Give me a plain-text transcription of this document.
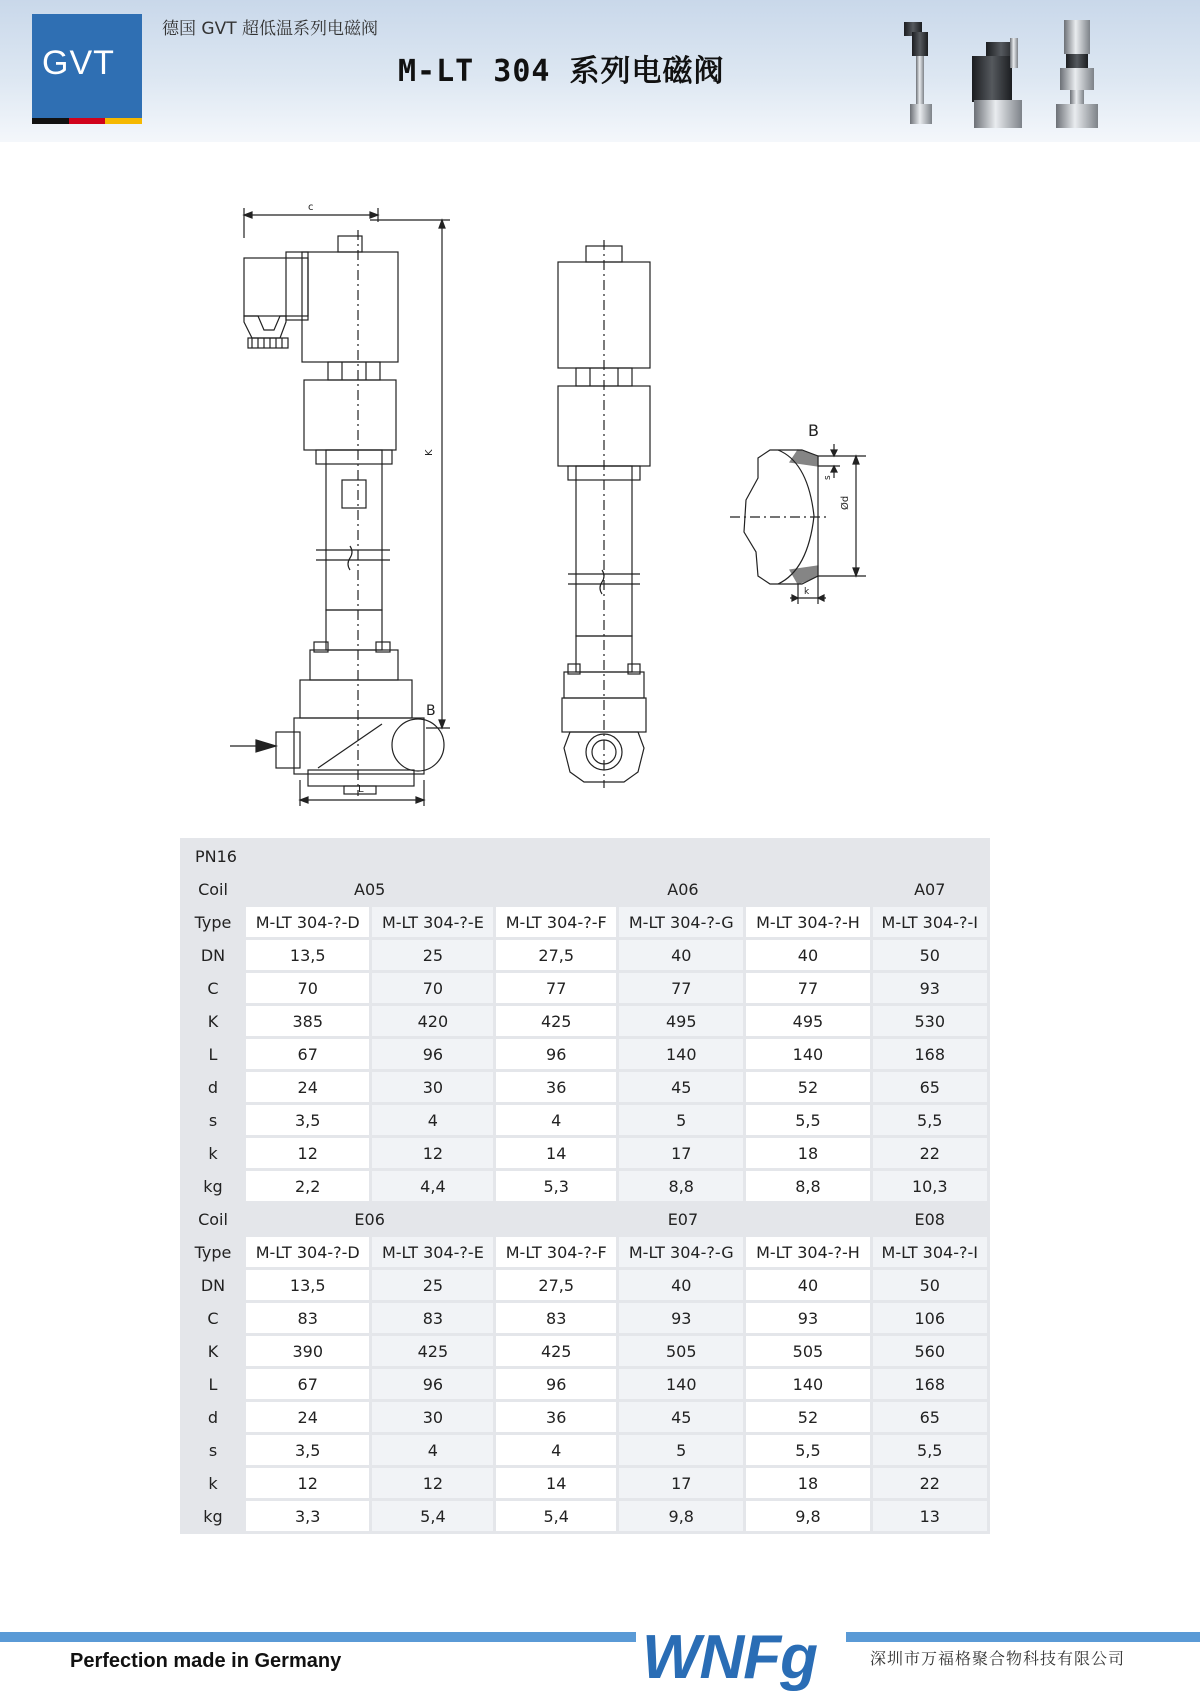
GVT
德国 GVT 超低温系列电磁阀
M-LT 304 系列电磁阀
c
K
B
L
B
Ød
s
k
PN16						
Coil	A05		A06			A07
Type	M-LT 304-?-D	M-LT 304-?-E	M-LT 304-?-F	M-LT 304-?-G	M-LT 304-?-H	M-LT 304-?-I
DN	13,5	25	27,5	40	40	50
C	70	70	77	77	77	93
K	385	420	425	495	495	530
L	67	96	96	140	140	168
d	24	30	36	45	52	65
s	3,5	4	4	5	5,5	5,5
k	12	12	14	17	18	22
kg	2,2	4,4	5,3	8,8	8,8	10,3
Coil	E06		E07			E08
Type	M-LT 304-?-D	M-LT 304-?-E	M-LT 304-?-F	M-LT 304-?-G	M-LT 304-?-H	M-LT 304-?-I
DN	13,5	25	27,5	40	40	50
C	83	83	83	93	93	106
K	390	425	425	505	505	560
L	67	96	96	140	140	168
d	24	30	36	45	52	65
s	3,5	4	4	5	5,5	5,5
k	12	12	14	17	18	22
kg	3,3	5,4	5,4	9,8	9,8	13
Perfection made in Germany	WNFg	深圳市万福格聚合物科技有限公司
